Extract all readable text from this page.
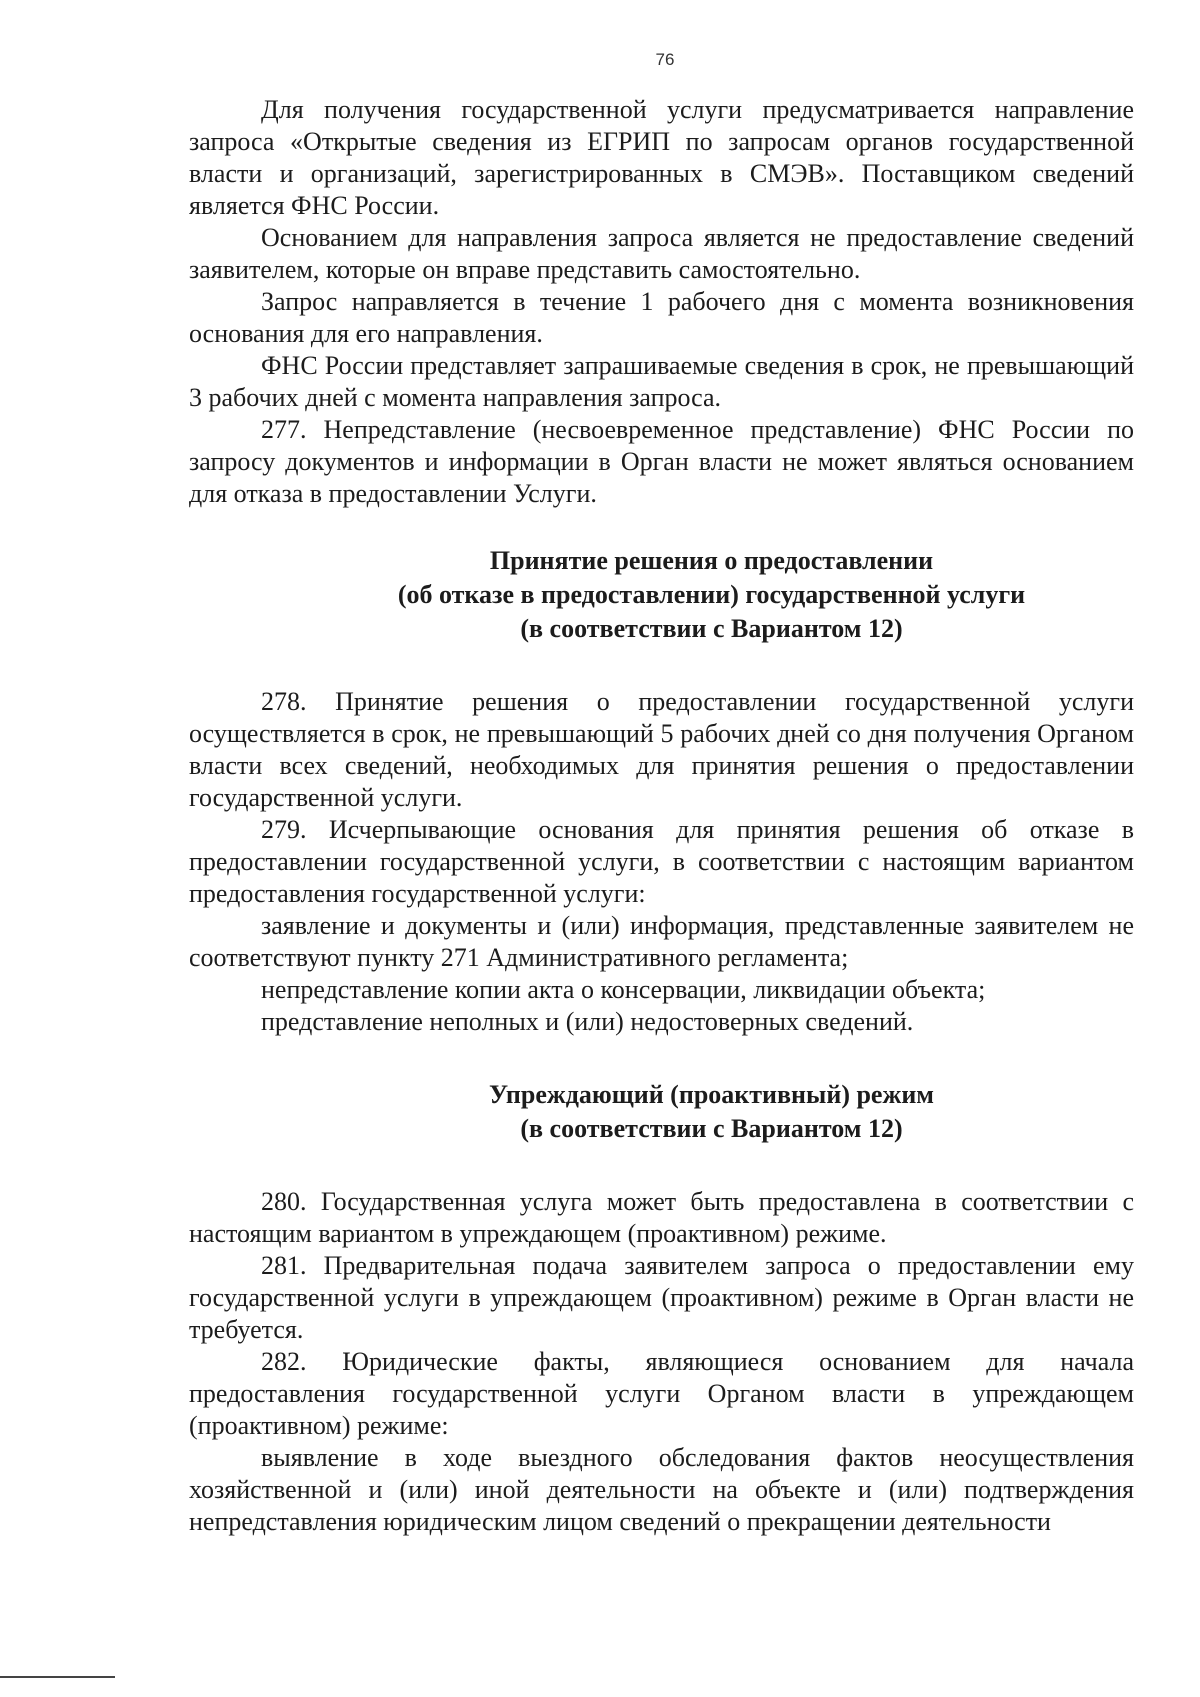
76

Для получения государственной услуги предусматривается направление запроса «Открытые сведения из ЕГРИП по запросам органов государственной власти и организаций, зарегистрированных в СМЭВ». Поставщиком сведений является ФНС России.

Основанием для направления запроса является не предоставление сведений заявителем, которые он вправе представить самостоятельно.

Запрос направляется в течение 1 рабочего дня с момента возникновения основания для его направления.

ФНС России представляет запрашиваемые сведения в срок, не превышающий 3 рабочих дней с момента направления запроса.

277. Непредставление (несвоевременное представление) ФНС России по запросу документов и информации в Орган власти не может являться основанием для отказа в предоставлении Услуги.

Принятие решения о предоставлении
(об отказе в предоставлении) государственной услуги
(в соответствии с Вариантом 12)

278. Принятие решения о предоставлении государственной услуги осуществляется в срок, не превышающий 5 рабочих дней со дня получения Органом власти всех сведений, необходимых для принятия решения о предоставлении государственной услуги.

279. Исчерпывающие основания для принятия решения об отказе в предоставлении государственной услуги, в соответствии с настоящим вариантом предоставления государственной услуги:

заявление и документы и (или) информация, представленные заявителем не соответствуют пункту 271 Административного регламента;

непредставление копии акта о консервации, ликвидации объекта;

представление неполных и (или) недостоверных сведений.

Упреждающий (проактивный) режим
(в соответствии с Вариантом 12)

280. Государственная услуга может быть предоставлена в соответствии с настоящим вариантом в упреждающем (проактивном) режиме.

281. Предварительная подача заявителем запроса о предоставлении ему государственной услуги в упреждающем (проактивном) режиме в Орган власти не требуется.

282. Юридические факты, являющиеся основанием для начала предоставления государственной услуги Органом власти в упреждающем (проактивном) режиме:

выявление в ходе выездного обследования фактов неосуществления хозяйственной и (или) иной деятельности на объекте и (или) подтверждения непредставления юридическим лицом сведений о прекращении деятельности
